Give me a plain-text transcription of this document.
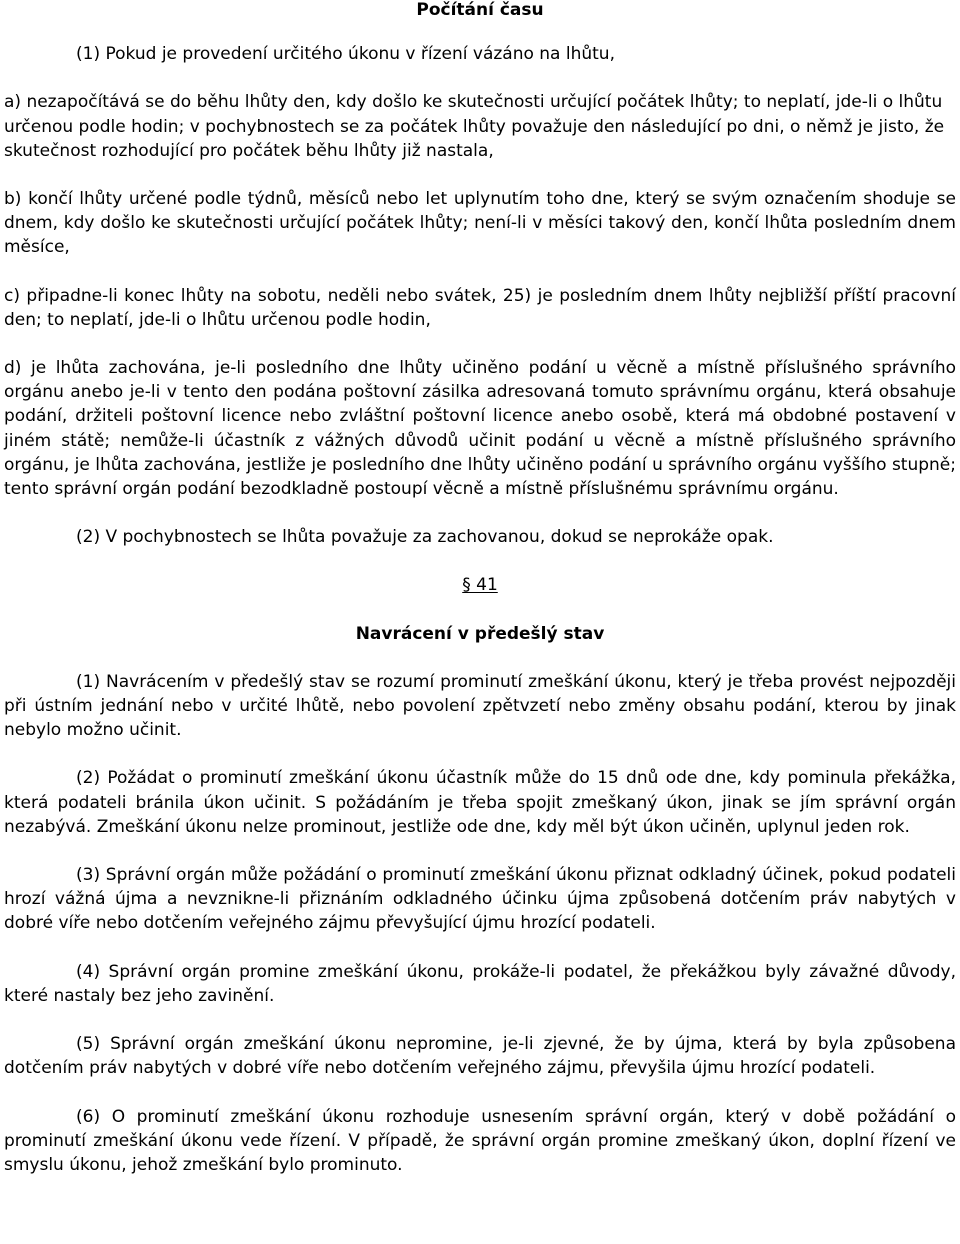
Počítání času

(1) Pokud je provedení určitého úkonu v řízení vázáno na lhůtu,

a) nezapočítává se do běhu lhůty den, kdy došlo ke skutečnosti určující počátek lhůty; to neplatí, jde-li o lhůtu určenou podle hodin; v pochybnostech se za počátek lhůty považuje den následující po dni, o němž je jisto, že skutečnost rozhodující pro počátek běhu lhůty již nastala,

b) končí lhůty určené podle týdnů, měsíců nebo let uplynutím toho dne, který se svým označením shoduje se dnem, kdy došlo ke skutečnosti určující počátek lhůty; není-li v měsíci takový den, končí lhůta posledním dnem měsíce,

c) připadne-li konec lhůty na sobotu, neděli nebo svátek, 25) je posledním dnem lhůty nejbližší příští pracovní den; to neplatí, jde-li o lhůtu určenou podle hodin,

d) je lhůta zachována, je-li posledního dne lhůty učiněno podání u věcně a místně příslušného správního orgánu anebo je-li v tento den podána poštovní zásilka adresovaná tomuto správnímu orgánu, která obsahuje podání, držiteli poštovní licence nebo zvláštní poštovní licence anebo osobě, která má obdobné postavení v jiném státě; nemůže-li účastník z vážných důvodů učinit podání u věcně a místně příslušného správního orgánu, je lhůta zachována, jestliže je posledního dne lhůty učiněno podání u správního orgánu vyššího stupně; tento správní orgán podání bezodkladně postoupí věcně a místně příslušnému správnímu orgánu.

(2) V pochybnostech se lhůta považuje za zachovanou, dokud se neprokáže opak.

§ 41

Navrácení v předešlý stav

(1) Navrácením v předešlý stav se rozumí prominutí zmeškání úkonu, který je třeba provést nejpozději při ústním jednání nebo v určité lhůtě, nebo povolení zpětvzetí nebo změny obsahu podání, kterou by jinak nebylo možno učinit.

(2) Požádat o prominutí zmeškání úkonu účastník může do 15 dnů ode dne, kdy pominula překážka, která podateli bránila úkon učinit. S požádáním je třeba spojit zmeškaný úkon, jinak se jím správní orgán nezabývá. Zmeškání úkonu nelze prominout, jestliže ode dne, kdy měl být úkon učiněn, uplynul jeden rok.

(3) Správní orgán může požádání o prominutí zmeškání úkonu přiznat odkladný účinek, pokud podateli hrozí vážná újma a nevznikne-li přiznáním odkladného účinku újma způsobená dotčením práv nabytých v dobré víře nebo dotčením veřejného zájmu převyšující újmu hrozící podateli.

(4) Správní orgán promine zmeškání úkonu, prokáže-li podatel, že překážkou byly závažné důvody, které nastaly bez jeho zavinění.

(5) Správní orgán zmeškání úkonu nepromine, je-li zjevné, že by újma, která by byla způsobena dotčením práv nabytých v dobré víře nebo dotčením veřejného zájmu, převyšila újmu hrozící podateli.

(6) O prominutí zmeškání úkonu rozhoduje usnesením správní orgán, který v době požádání o prominutí zmeškání úkonu vede řízení. V případě, že správní orgán promine zmeškaný úkon, doplní řízení ve smyslu úkonu, jehož zmeškání bylo prominuto.
